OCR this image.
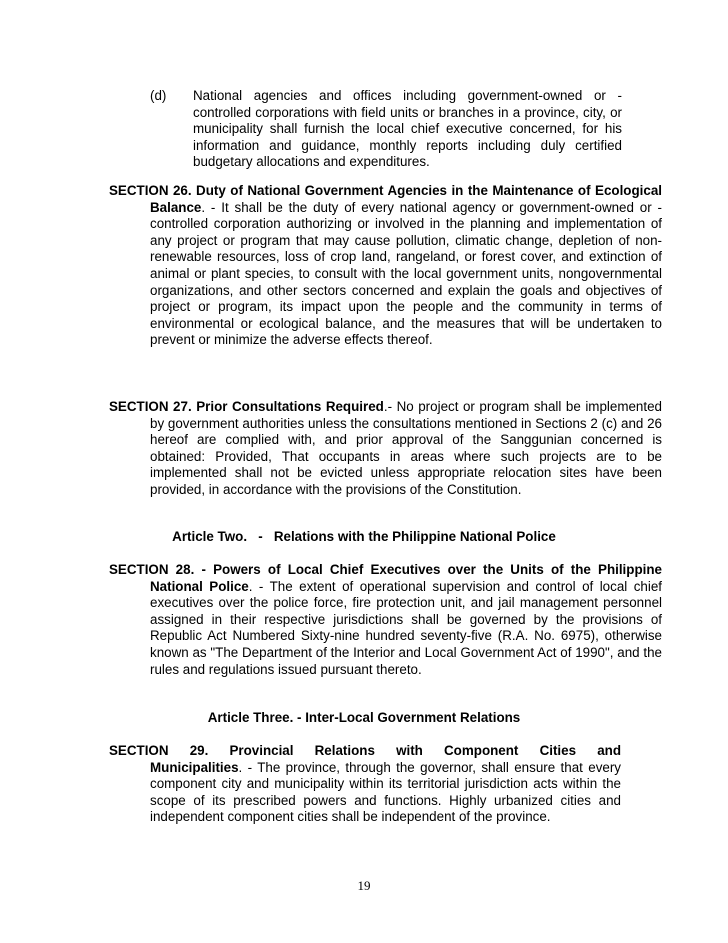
(d) National agencies and offices including government-owned or -controlled corporations with field units or branches in a province, city, or municipality shall furnish the local chief executive concerned, for his information and guidance, monthly reports including duly certified budgetary allocations and expenditures.
SECTION 26. Duty of National Government Agencies in the Maintenance of Ecological Balance. - It shall be the duty of every national agency or government-owned or -controlled corporation authorizing or involved in the planning and implementation of any project or program that may cause pollution, climatic change, depletion of non-renewable resources, loss of crop land, rangeland, or forest cover, and extinction of animal or plant species, to consult with the local government units, nongovernmental organizations, and other sectors concerned and explain the goals and objectives of project or program, its impact upon the people and the community in terms of environmental or ecological balance, and the measures that will be undertaken to prevent or minimize the adverse effects thereof.
SECTION 27. Prior Consultations Required.- No project or program shall be implemented by government authorities unless the consultations mentioned in Sections 2 (c) and 26 hereof are complied with, and prior approval of the Sanggunian concerned is obtained: Provided, That occupants in areas where such projects are to be implemented shall not be evicted unless appropriate relocation sites have been provided, in accordance with the provisions of the Constitution.
Article Two.   -   Relations with the Philippine National Police
SECTION 28. - Powers of Local Chief Executives over the Units of the Philippine National Police. - The extent of operational supervision and control of local chief executives over the police force, fire protection unit, and jail management personnel assigned in their respective jurisdictions shall be governed by the provisions of Republic Act Numbered Sixty-nine hundred seventy-five (R.A. No. 6975), otherwise known as "The Department of the Interior and Local Government Act of 1990", and the rules and regulations issued pursuant thereto.
Article Three. - Inter-Local Government Relations
SECTION 29. Provincial Relations with Component Cities and
Municipalities. - The province, through the governor, shall ensure that every component city and municipality within its territorial jurisdiction acts within the scope of its prescribed powers and functions. Highly urbanized cities and independent component cities shall be independent of the province.
19
